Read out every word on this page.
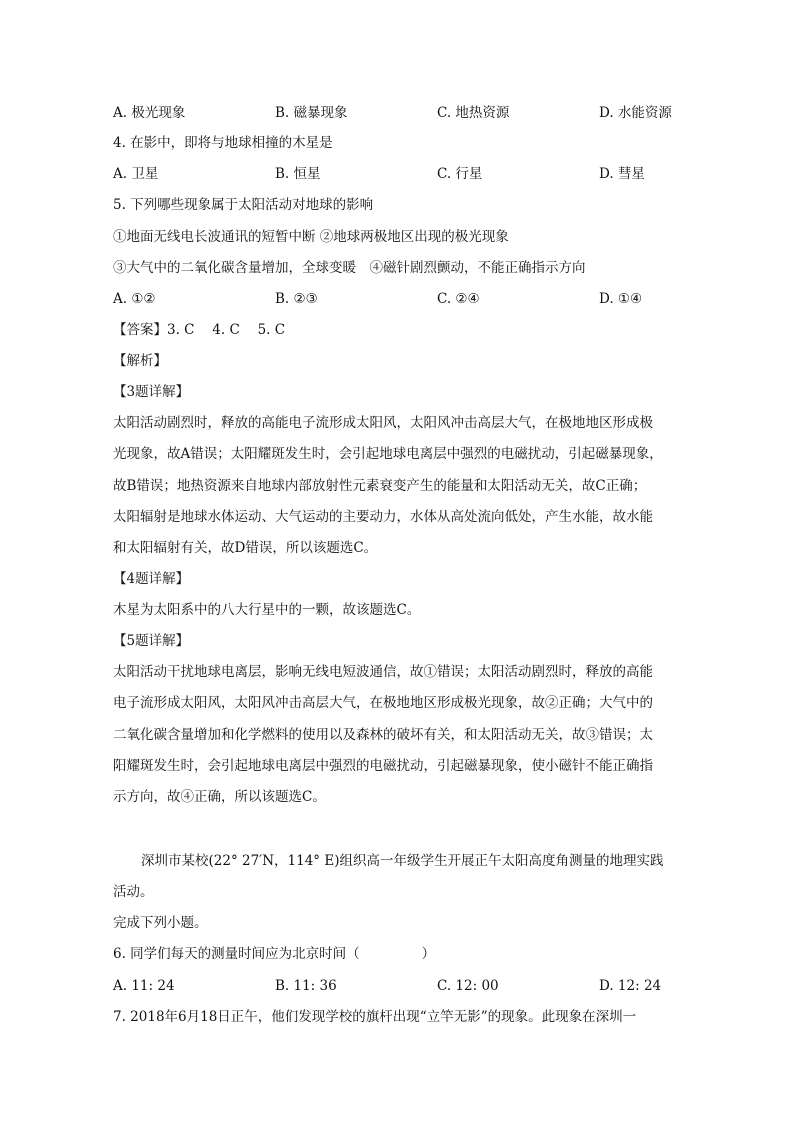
A. 极光现象	B. 磁暴现象	C. 地热资源	D. 水能资源
4. 在影中，即将与地球相撞的木星是
A. 卫星	B. 恒星	C. 行星	D. 彗星
5. 下列哪些现象属于太阳活动对地球的影响
①地面无线电长波通讯的短暂中断 ②地球两极地区出现的极光现象
③大气中的二氧化碳含量增加，全球变暖　④磁针剧烈颤动，不能正确指示方向
A. ①②	B. ②③	C. ②④	D. ①④
【答案】3. C　 4. C　 5. C
【解析】
【3题详解】
太阳活动剧烈时，释放的高能电子流形成太阳风，太阳风冲击高层大气，在极地地区形成极
光现象，故A错误；太阳耀斑发生时，会引起地球电离层中强烈的电磁扰动，引起磁暴现象，
故B错误；地热资源来自地球内部放射性元素衰变产生的能量和太阳活动无关，故C正确；
太阳辐射是地球水体运动、大气运动的主要动力，水体从高处流向低处，产生水能，故水能
和太阳辐射有关，故D错误，所以该题选C。
【4题详解】
木星为太阳系中的八大行星中的一颗，故该题选C。
【5题详解】
太阳活动干扰地球电离层，影响无线电短波通信，故①错误；太阳活动剧烈时，释放的高能
电子流形成太阳风，太阳风冲击高层大气，在极地地区形成极光现象，故②正确；大气中的
二氧化碳含量增加和化学燃料的使用以及森林的破坏有关，和太阳活动无关，故③错误；太
阳耀斑发生时，会引起地球电离层中强烈的电磁扰动，引起磁暴现象，使小磁针不能正确指
示方向，故④正确，所以该题选C。
深圳市某校(22° 27′N，114° E)组织高一年级学生开展正午太阳高度角测量的地理实践
活动。
完成下列小题。
6. 同学们每天的测量时间应为北京时间（	）
A. 11: 24	B. 11: 36	C. 12: 00	D. 12: 24
7. 2018年6月18日正午，他们发现学校的旗杆出现“立竿无影”的现象。此现象在深圳一
